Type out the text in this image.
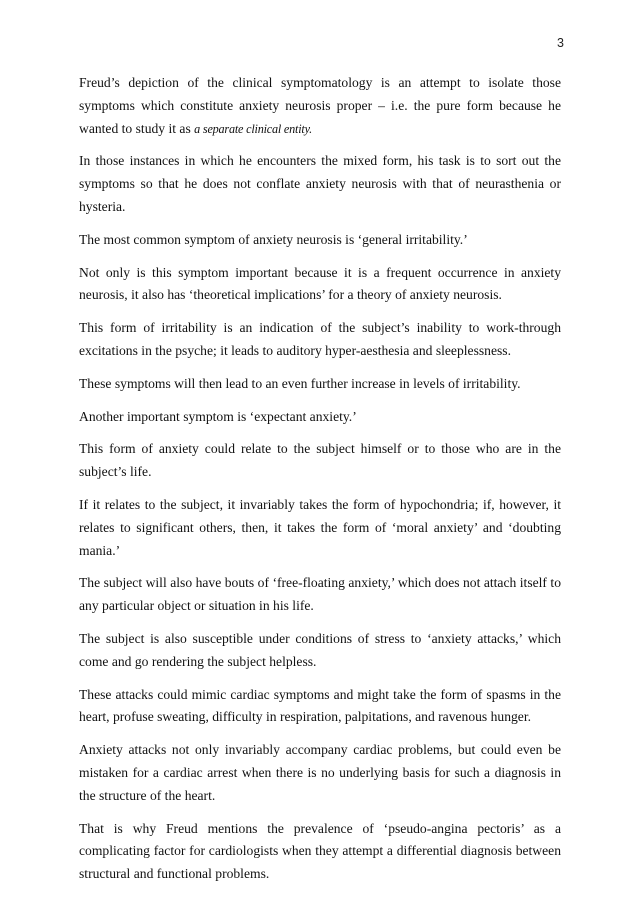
3

Freud’s depiction of the clinical symptomatology is an attempt to isolate those symptoms which constitute anxiety neurosis proper – i.e. the pure form because he wanted to study it as a separate clinical entity.

In those instances in which he encounters the mixed form, his task is to sort out the symptoms so that he does not conflate anxiety neurosis with that of neurasthenia or hysteria.

The most common symptom of anxiety neurosis is ‘general irritability.’

Not only is this symptom important because it is a frequent occurrence in anxiety neurosis, it also has ‘theoretical implications’ for a theory of anxiety neurosis.

This form of irritability is an indication of the subject’s inability to work-through excitations in the psyche; it leads to auditory hyper-aesthesia and sleeplessness.

These symptoms will then lead to an even further increase in levels of irritability.

Another important symptom is ‘expectant anxiety.’

This form of anxiety could relate to the subject himself or to those who are in the subject’s life.

If it relates to the subject, it invariably takes the form of hypochondria; if, however, it relates to significant others, then, it takes the form of ‘moral anxiety’ and ‘doubting mania.’

The subject will also have bouts of ‘free-floating anxiety,’ which does not attach itself to any particular object or situation in his life.

The subject is also susceptible under conditions of stress to ‘anxiety attacks,’ which come and go rendering the subject helpless.

These attacks could mimic cardiac symptoms and might take the form of spasms in the heart, profuse sweating, difficulty in respiration, palpitations, and ravenous hunger.

Anxiety attacks not only invariably accompany cardiac problems, but could even be mistaken for a cardiac arrest when there is no underlying basis for such a diagnosis in the structure of the heart.

That is why Freud mentions the prevalence of ‘pseudo-angina pectoris’ as a complicating factor for cardiologists when they attempt a differential diagnosis between structural and functional problems.
